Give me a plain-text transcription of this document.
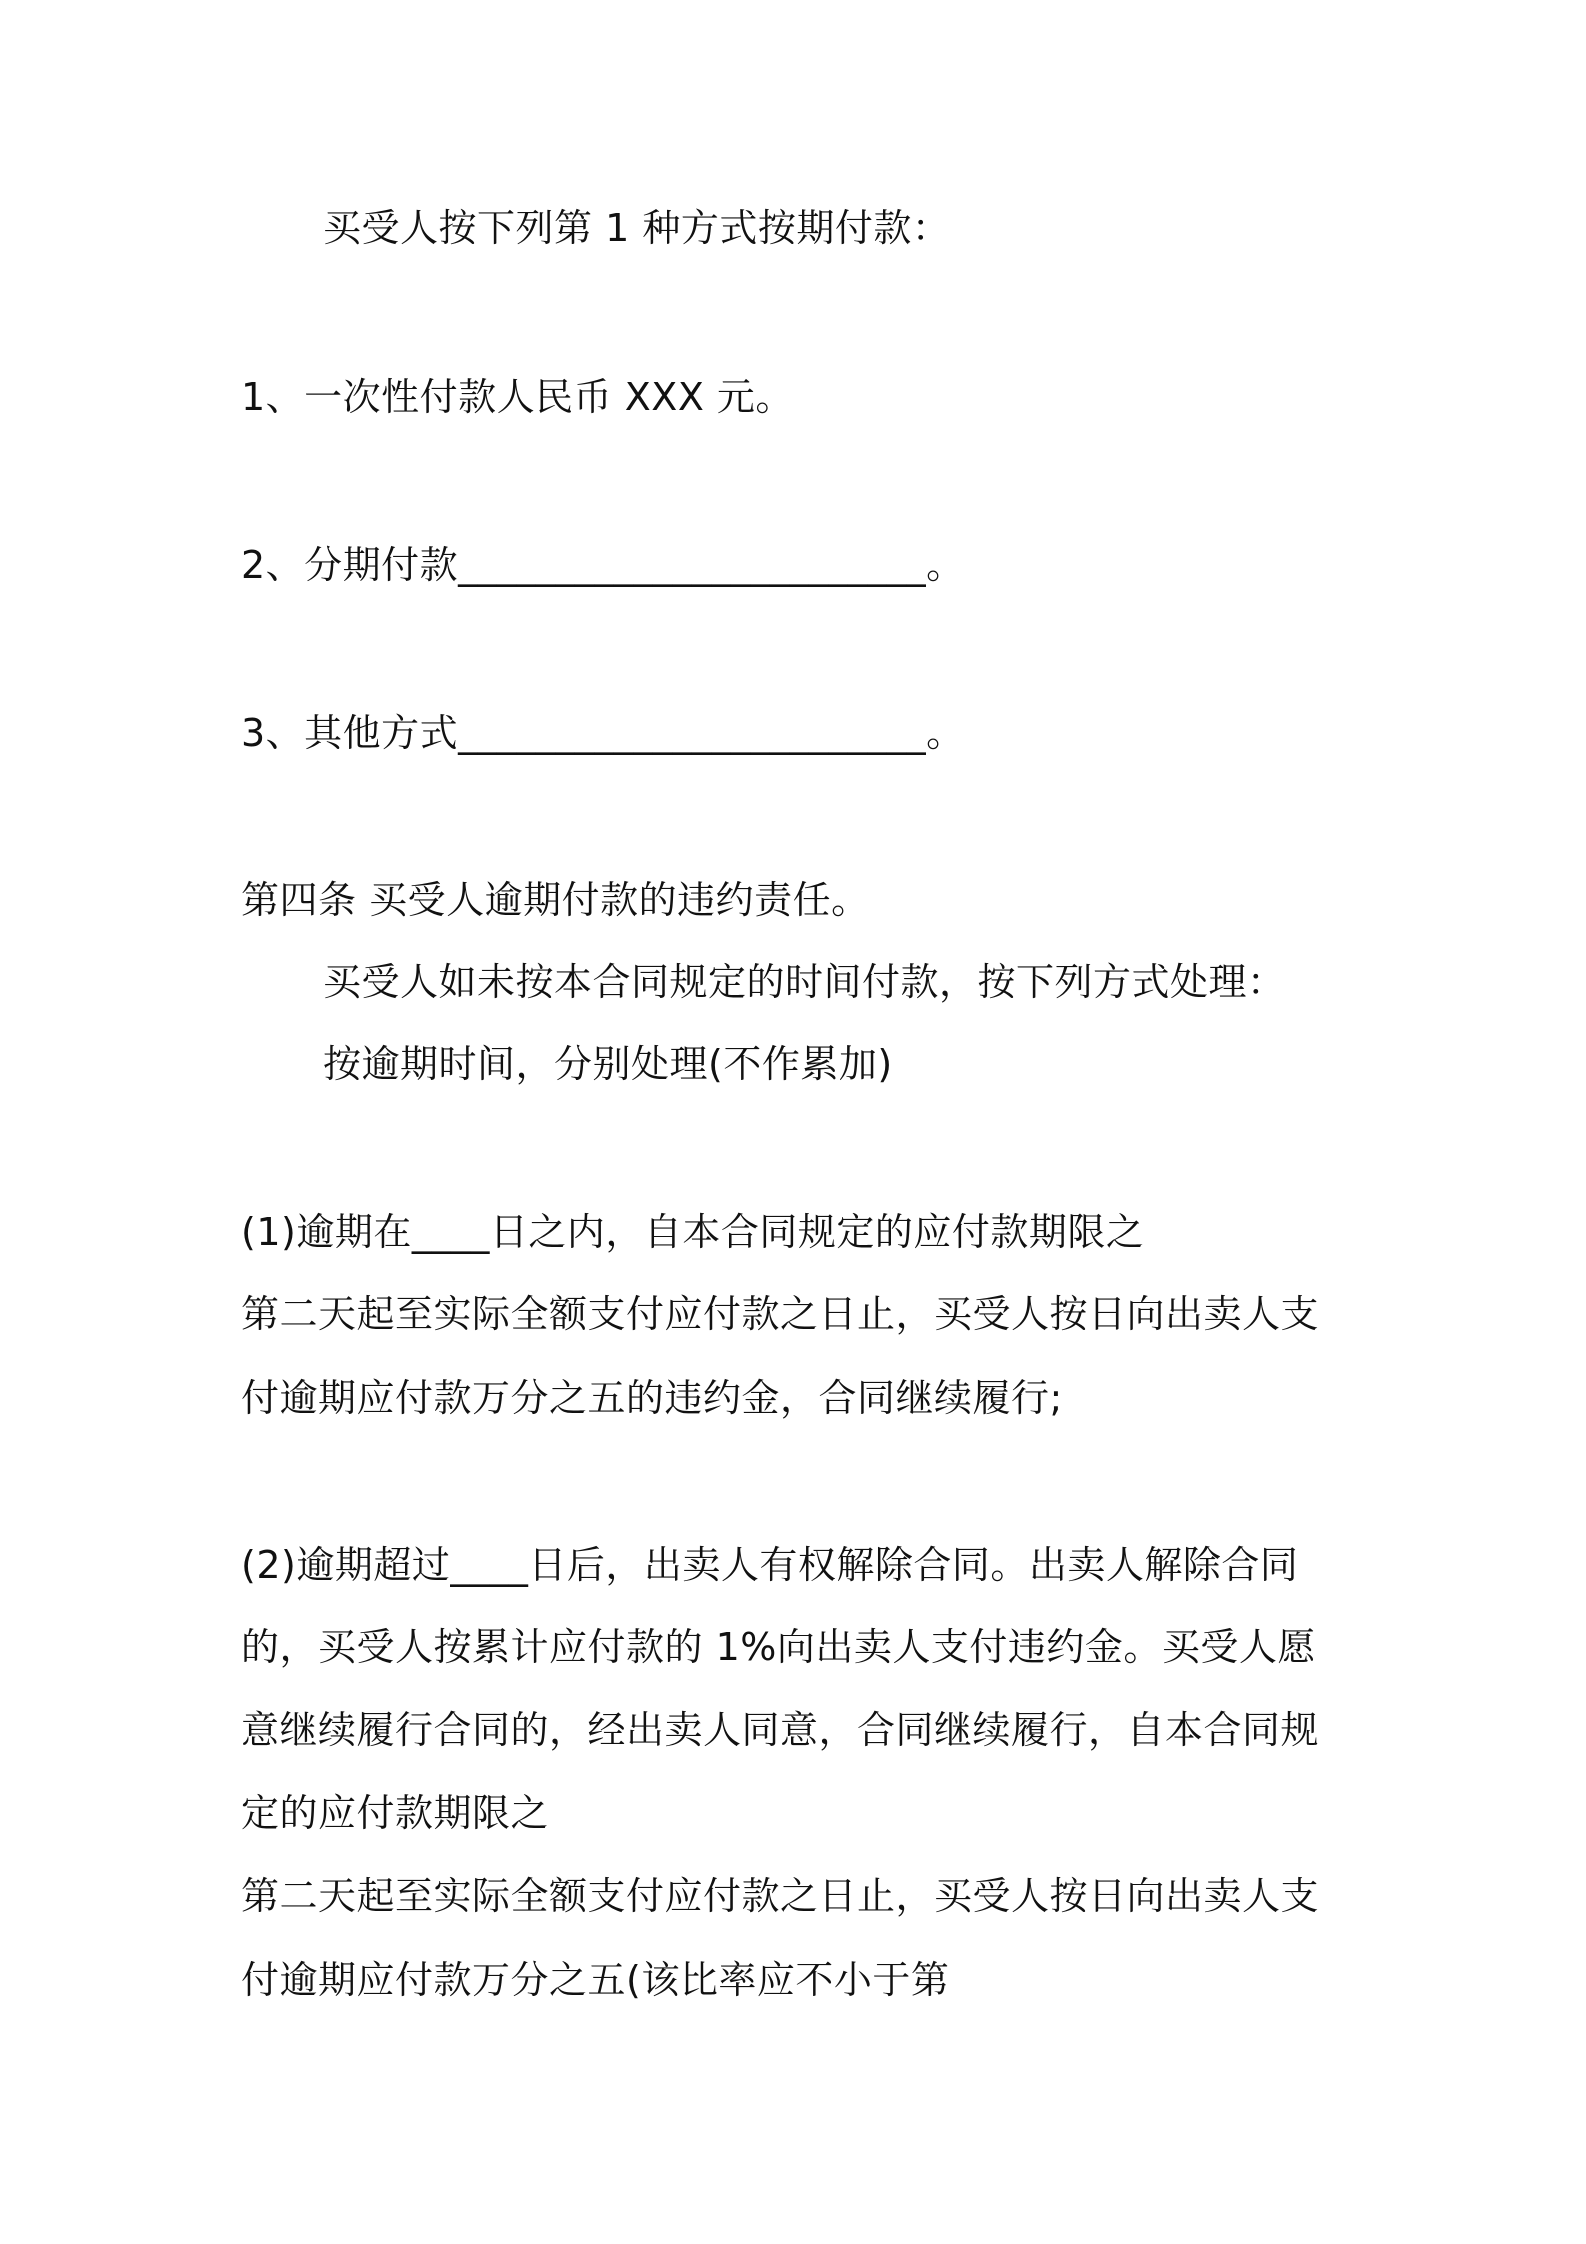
买受人按下列第 1 种方式按期付款：
1、一次性付款人民币 XXX 元。
2、分期付款________________________。
3、其他方式________________________。
第四条 买受人逾期付款的违约责任。
买受人如未按本合同规定的时间付款，按下列方式处理：
按逾期时间，分别处理(不作累加)
(1)逾期在____日之内，自本合同规定的应付款期限之
第二天起至实际全额支付应付款之日止，买受人按日向出卖人支
付逾期应付款万分之五的违约金，合同继续履行;
(2)逾期超过____日后，出卖人有权解除合同。出卖人解除合同
的，买受人按累计应付款的 1%向出卖人支付违约金。买受人愿
意继续履行合同的，经出卖人同意，合同继续履行，自本合同规
定的应付款期限之
第二天起至实际全额支付应付款之日止，买受人按日向出卖人支
付逾期应付款万分之五(该比率应不小于第
